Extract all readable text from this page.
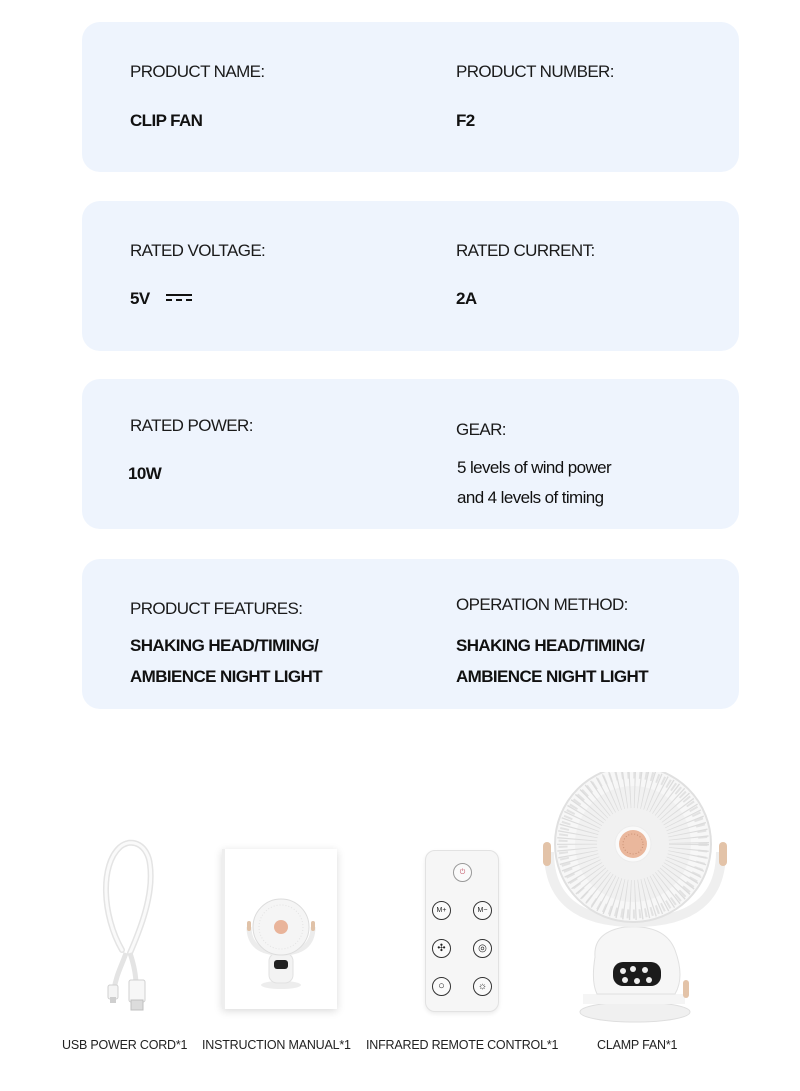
PRODUCT NAME:
CLIP FAN
PRODUCT NUMBER:
F2
RATED VOLTAGE:
5V
RATED CURRENT:
2A
RATED POWER:
10W
GEAR:
5 levels of wind power
and 4 levels of timing
PRODUCT FEATURES:
SHAKING HEAD/TIMING/
AMBIENCE NIGHT LIGHT
OPERATION METHOD:
SHAKING HEAD/TIMING/
AMBIENCE NIGHT LIGHT
⏻
M+	M−
✣	◎
○	☼
USB POWER CORD*1 INSTRUCTION MANUAL*1 INFRARED REMOTE CONTROL*1	CLAMP FAN*1
